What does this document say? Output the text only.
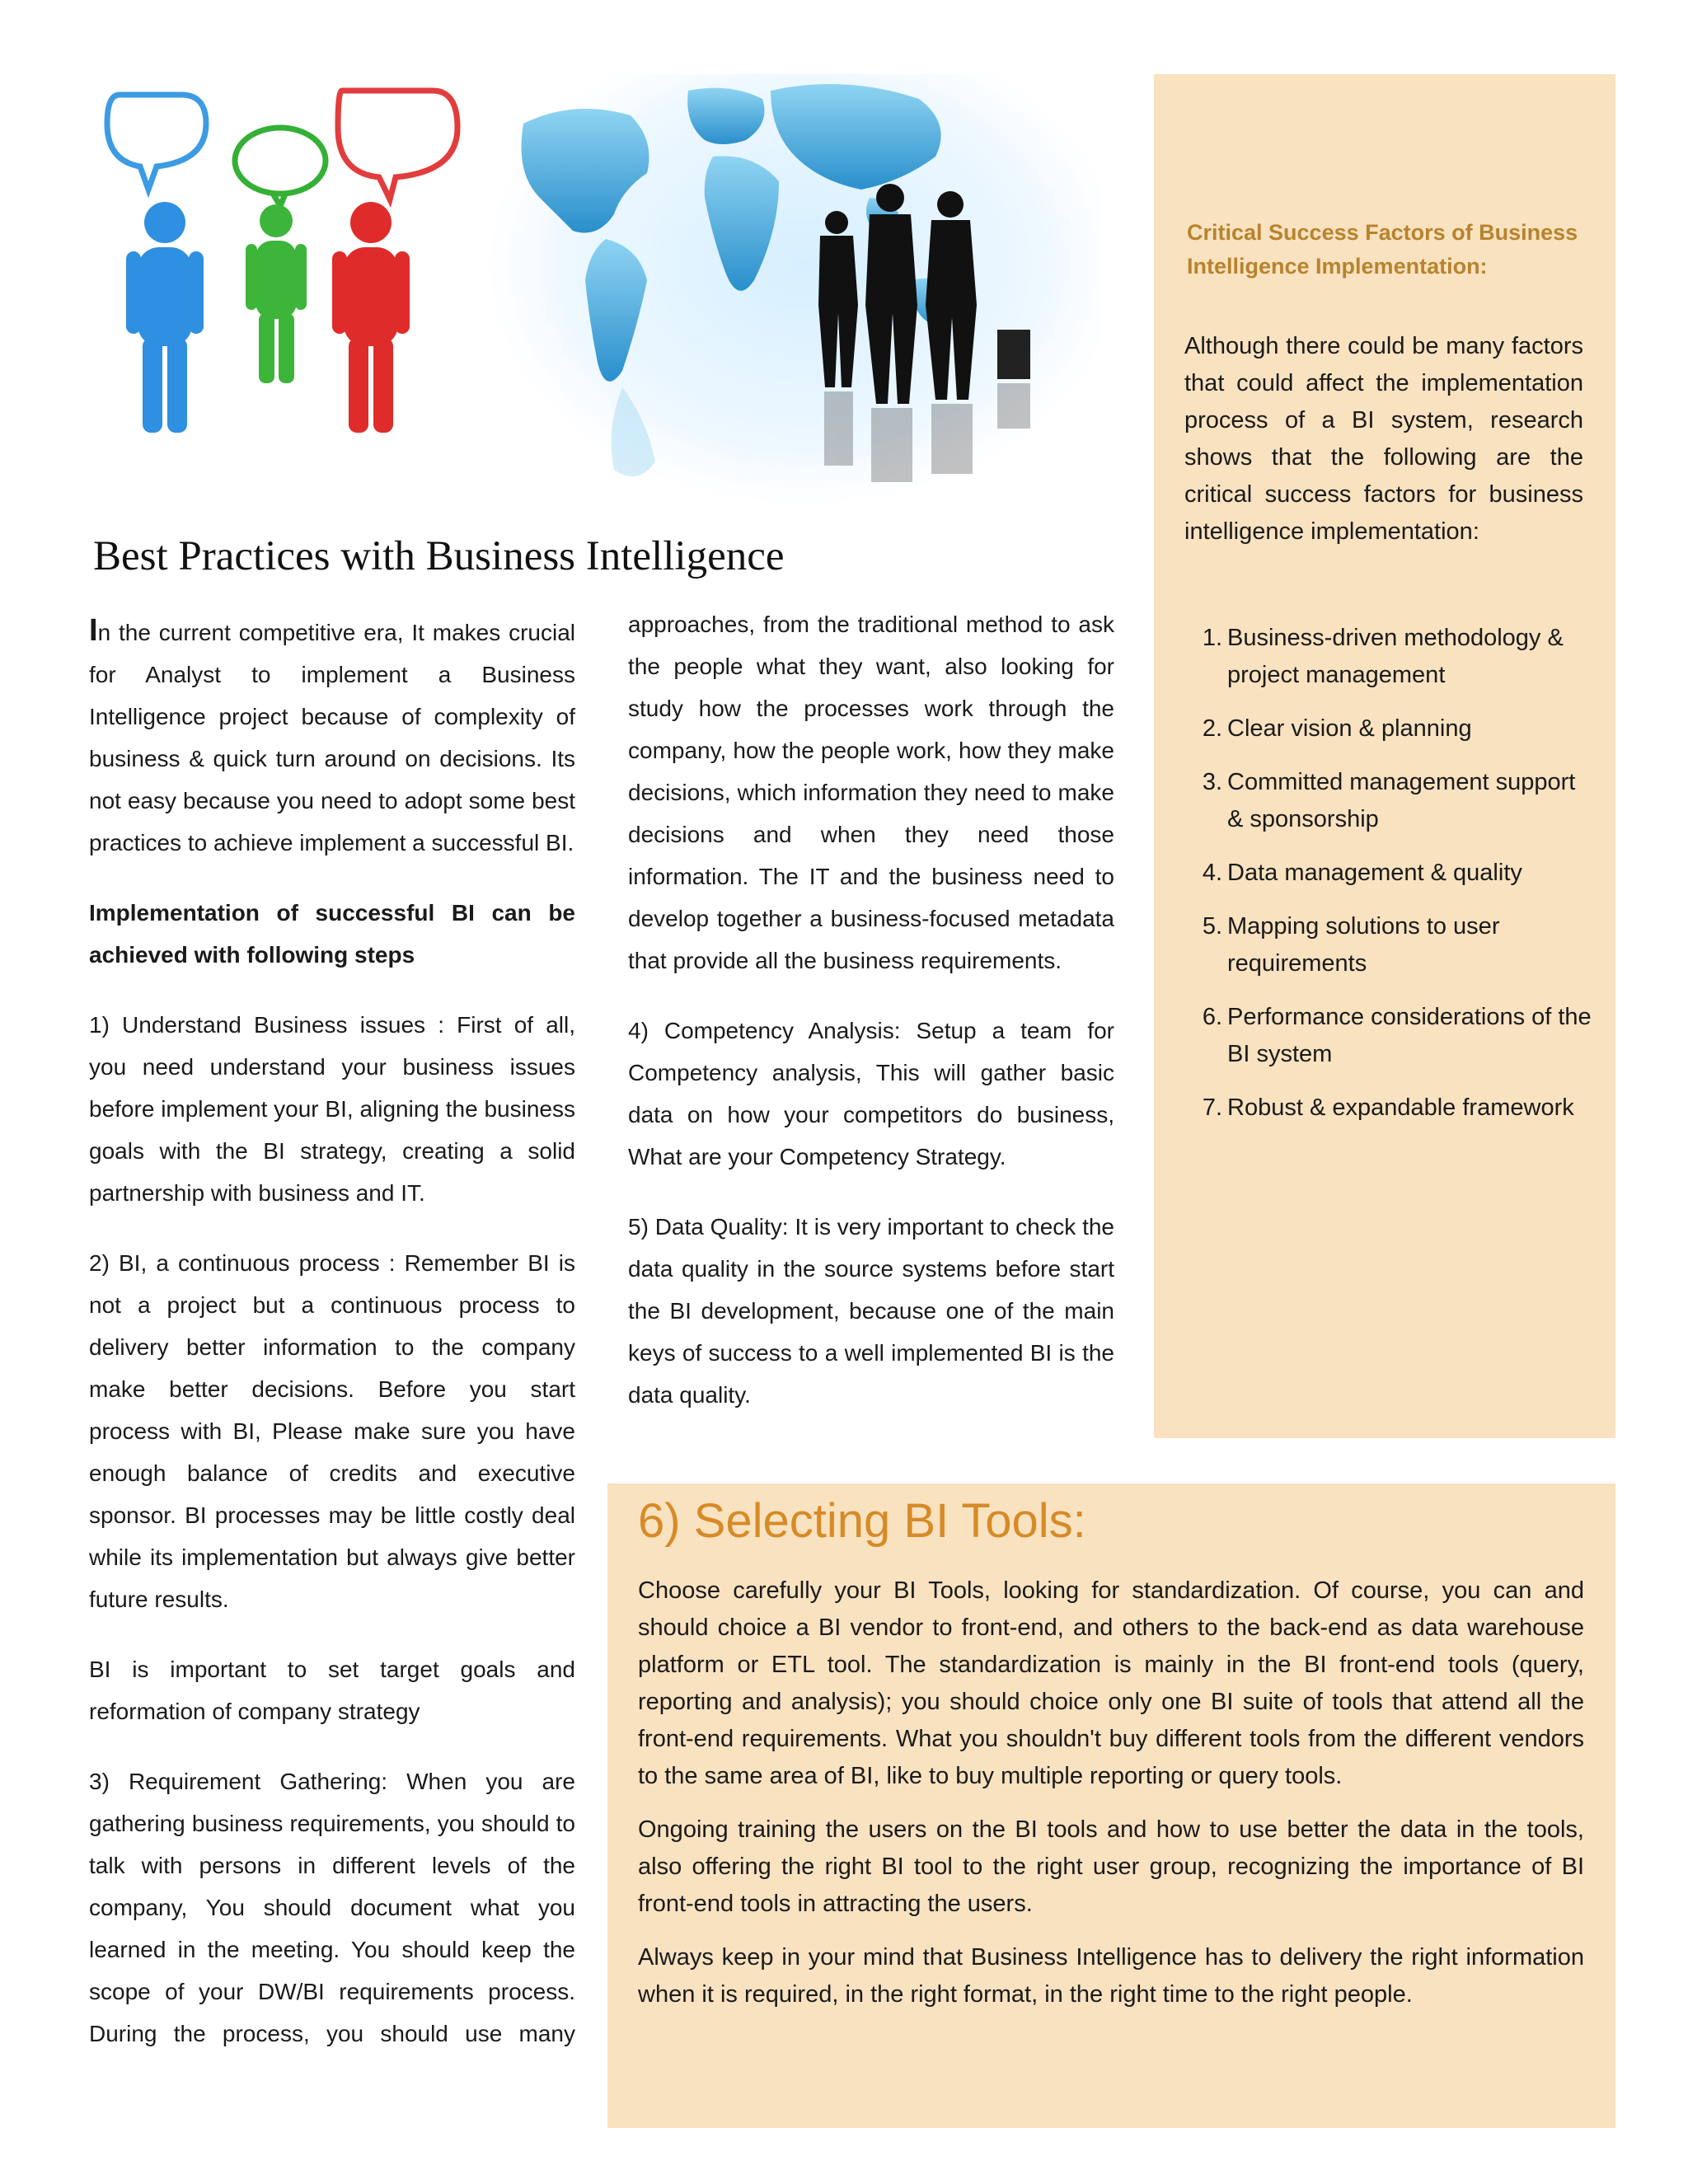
Critical Success Factors of Business Intelligence Implementation:
Although there could be many factors that could affect the implementation process of a BI system, research shows that the following are the critical success factors for business intelligence implementation:
1. Business-driven methodology & project management
2. Clear vision & planning
3. Committed management support & sponsorship
4. Data management & quality
5. Mapping solutions to user requirements
6. Performance considerations of the BI system
7. Robust & expandable framework
Best Practices with Business Intelligence

In the current competitive era, It makes crucial for Analyst to implement a Business Intelligence project because of complexity of business & quick turn around on decisions. Its not easy because you need to adopt some best practices to achieve implement a successful BI.

Implementation of successful BI can be achieved with following steps

1) Understand Business issues : First of all, you need understand your business issues before implement your BI, aligning the business goals with the BI strategy, creating a solid partnership with business and IT.

2) BI, a continuous process : Remember BI is not a project but a continuous process to delivery better information to the company make better decisions. Before you start process with BI, Please make sure you have enough balance of credits and executive sponsor. BI processes may be little costly deal while its implementation but always give better future results.

BI is important to set target goals and reformation of company strategy

3) Requirement Gathering: When you are gathering business requirements, you should to talk with persons in different levels of the company, You should document what you learned in the meeting. You should keep the scope of your DW/BI requirements process. During the process, you should use many

approaches, from the traditional method to ask the people what they want, also looking for study how the processes work through the company, how the people work, how they make decisions, which information they need to make decisions and when they need those information. The IT and the business need to develop together a business-focused metadata that provide all the business requirements.

4) Competency Analysis: Setup a team for Competency analysis, This will gather basic data on how your competitors do business, What are your Competency Strategy.

5) Data Quality: It is very important to check the data quality in the source systems before start the BI development, because one of the main keys of success to a well implemented BI is the data quality.

6) Selecting BI Tools:

Choose carefully your BI Tools, looking for standardization. Of course, you can and should choice a BI vendor to front-end, and others to the back-end as data warehouse platform or ETL tool. The standardization is mainly in the BI front-end tools (query, reporting and analysis); you should choice only one BI suite of tools that attend all the front-end requirements. What you shouldn't buy different tools from the different vendors to the same area of BI, like to buy multiple reporting or query tools.

Ongoing training the users on the BI tools and how to use better the data in the tools, also offering the right BI tool to the right user group, recognizing the importance of BI front-end tools in attracting the users.

Always keep in your mind that Business Intelligence has to delivery the right information when it is required, in the right format, in the right time to the right people.
